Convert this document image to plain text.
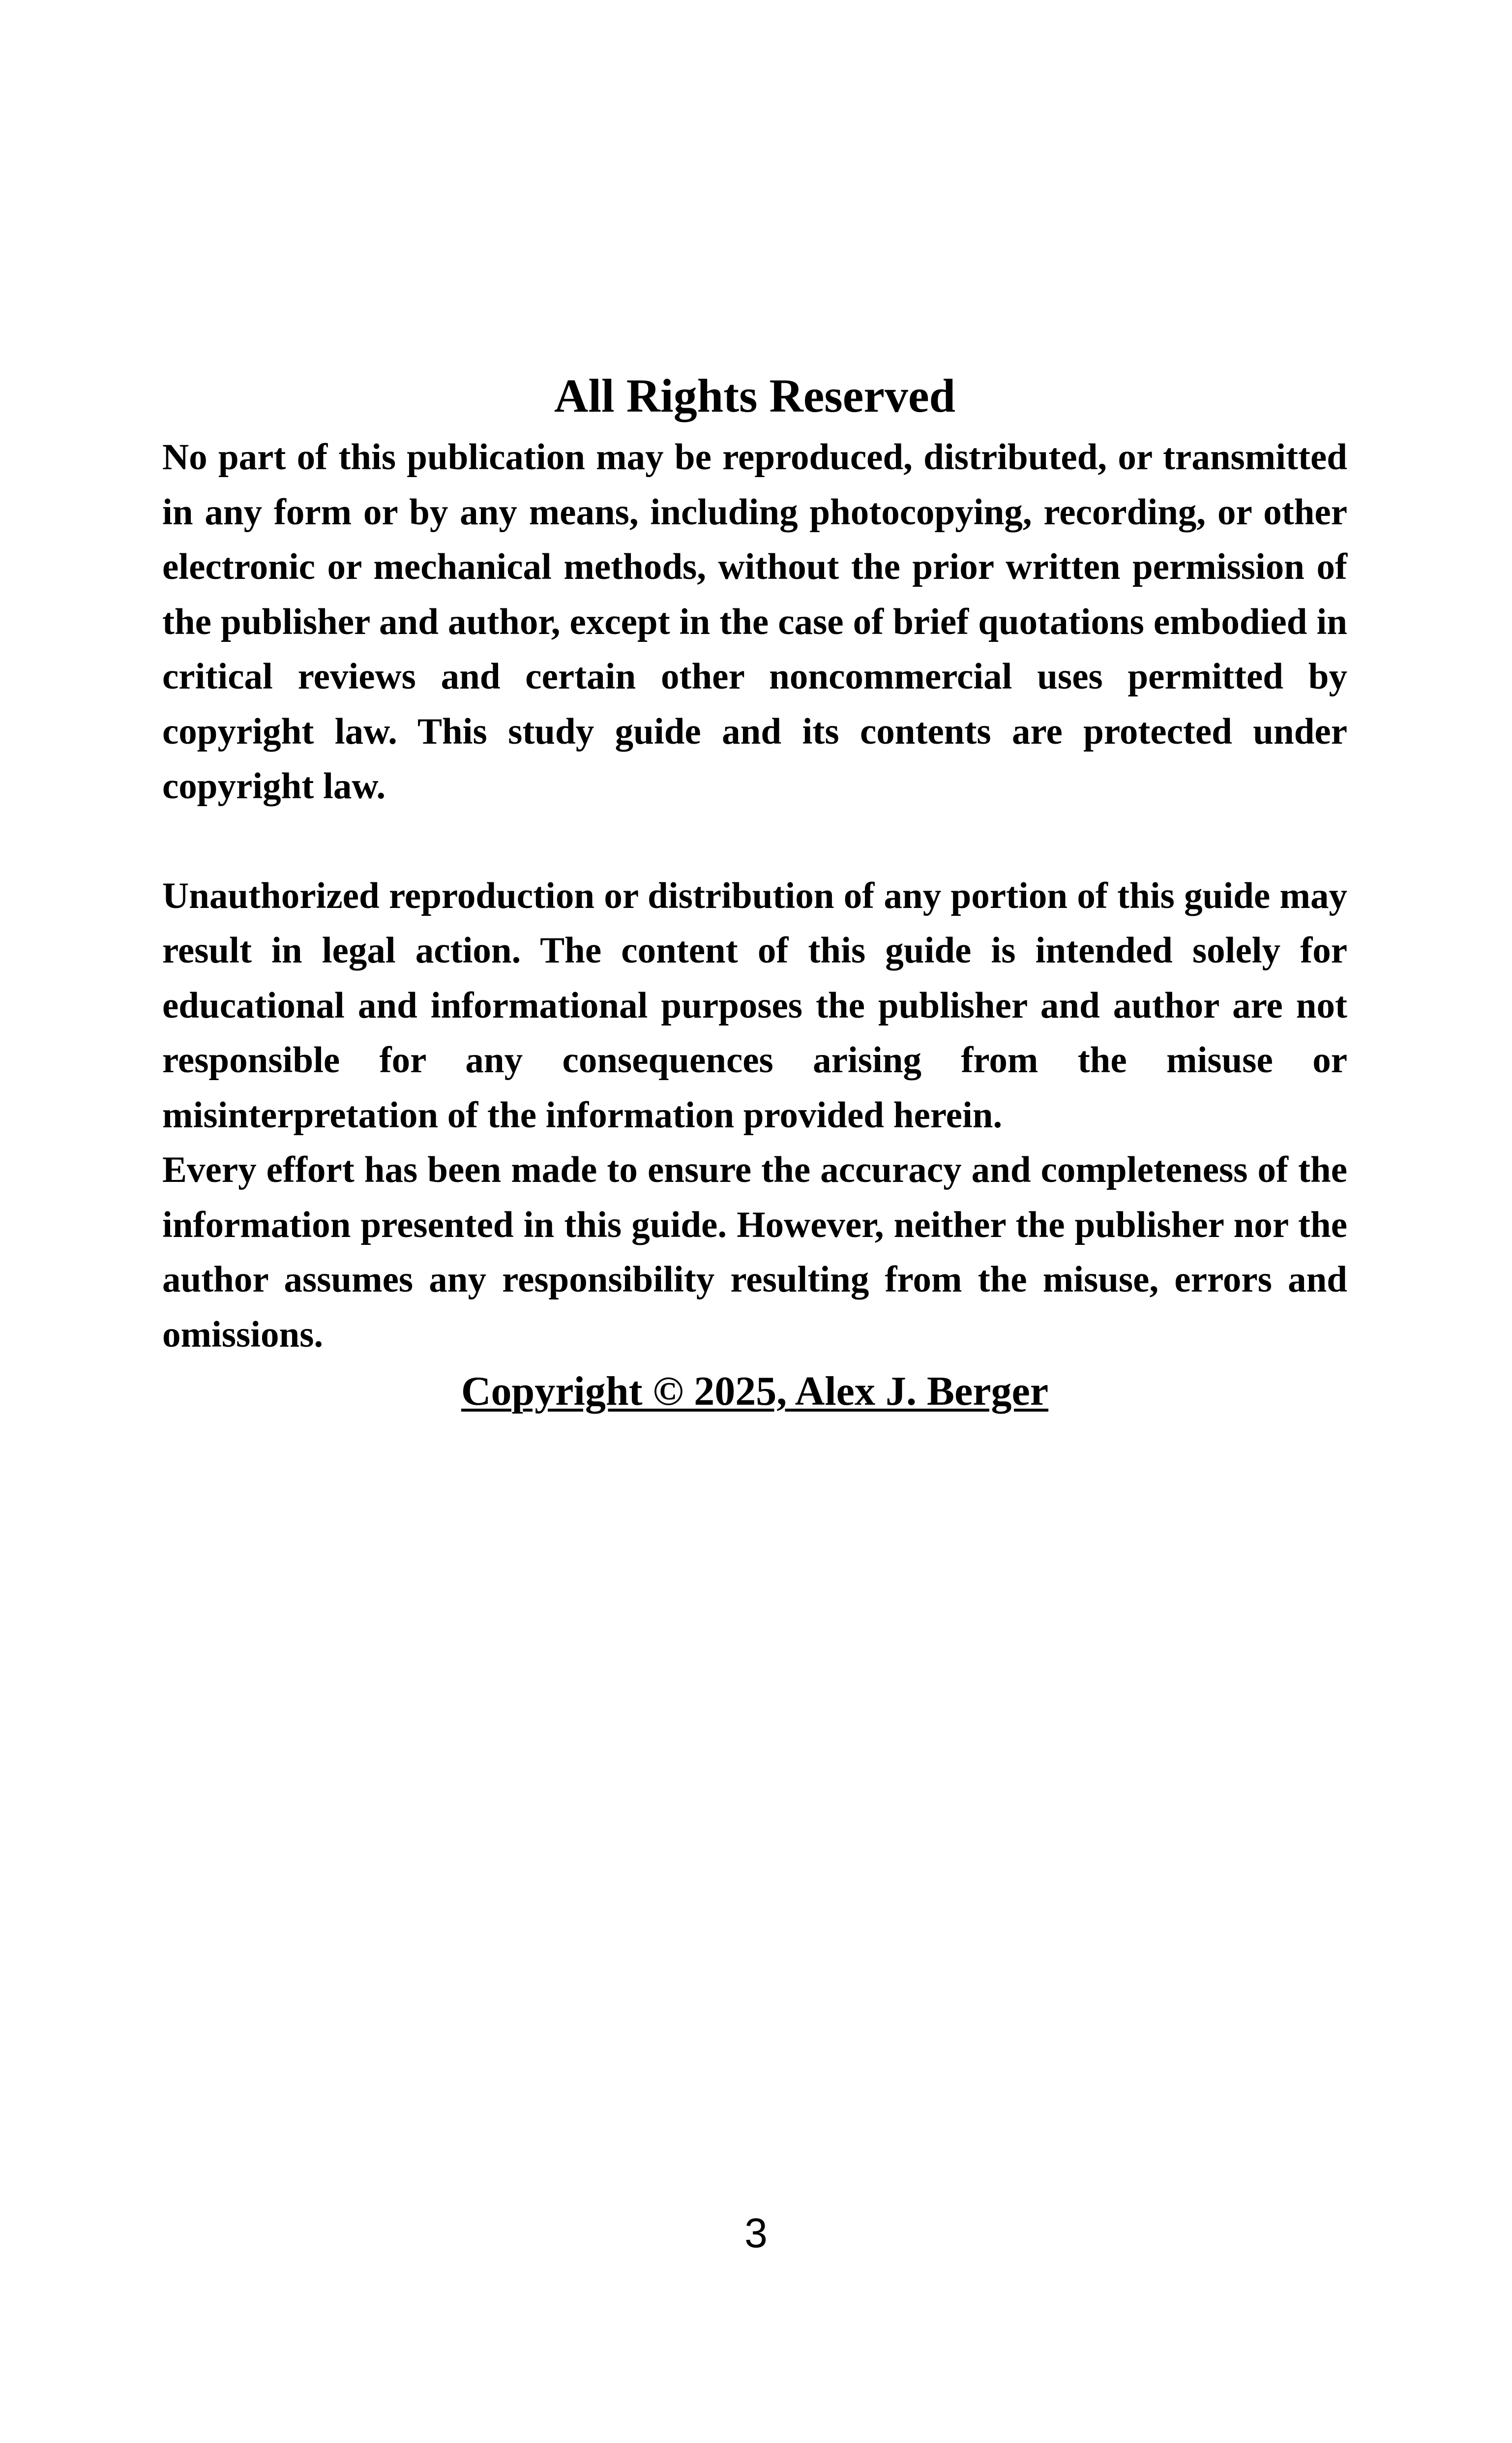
All Rights Reserved

No part of this publication may be reproduced, distributed, or transmitted in any form or by any means, including photocopying, recording, or other electronic or mechanical methods, without the prior written permission of the publisher and author, except in the case of brief quotations embodied in critical reviews and certain other noncommercial uses permitted by copyright law. This study guide and its contents are protected under copyright law.

Unauthorized reproduction or distribution of any portion of this guide may result in legal action. The content of this guide is intended solely for educational and informational purposes the publisher and author are not responsible for any consequences arising from the misuse or misinterpretation of the information provided herein.

Every effort has been made to ensure the accuracy and completeness of the information presented in this guide. However, neither the publisher nor the author assumes any responsibility resulting from the misuse, errors and omissions.

Copyright © 2025, Alex J. Berger
3
